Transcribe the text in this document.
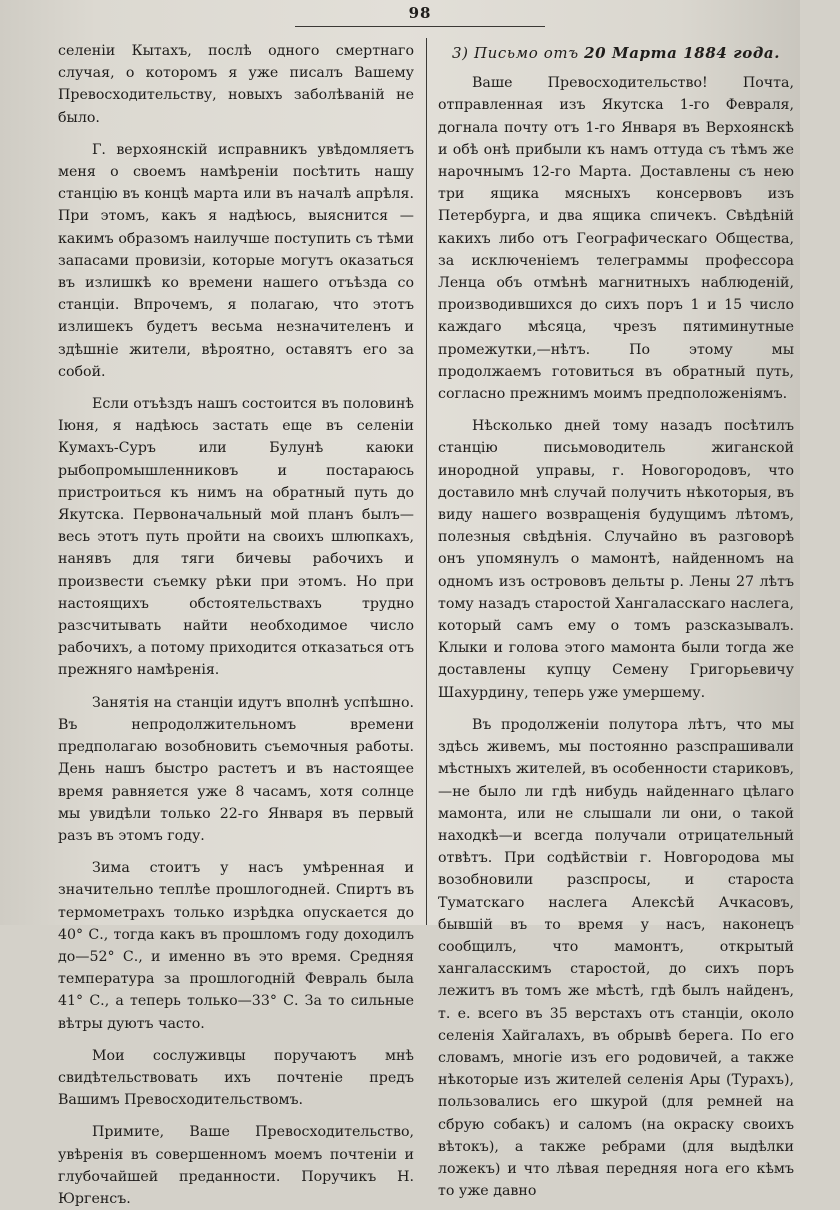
98

селенiи Кытахъ, послѣ одного смертнаго случая, о которомъ я уже писалъ Вашему Превосходительству, новыхъ заболѣванiй не было.

Г. верхоянскiй исправникъ увѣдомляетъ меня о своемъ намѣренiи посѣтить нашу станцiю въ концѣ марта или въ началѣ апрѣля. При этомъ, какъ я надѣюсь, выяснится — какимъ образомъ наилучше поступить съ тѣми запасами провизiи, которые могутъ оказаться въ излишкѣ ко времени нашего отъѣзда со станцiи. Впрочемъ, я полагаю, что этотъ излишекъ будетъ весьма незначителенъ и здѣшнiе жители, вѣроятно, оставятъ его за собой.

Если отъѣздъ нашъ состоится въ половинѣ Iюня, я надѣюсь застать еще въ селенiи Кумахъ-Суръ или Булунѣ каюки рыбопромышленниковъ и постараюсь пристроиться къ нимъ на обратный путь до Якутска. Первоначальный мой планъ былъ—весь этотъ путь пройти на своихъ шлюпкахъ, нанявъ для тяги бичевы рабочихъ и произвести съемку рѣки при этомъ. Но при настоящихъ обстоятельствахъ трудно разсчитывать найти необходимое число рабочихъ, а потому приходится отказаться отъ прежняго намѣренiя.

Занятiя на станцiи идутъ вполнѣ успѣшно. Въ непродолжительномъ времени предполагаю возобновить съемочныя работы. День нашъ быстро растетъ и въ настоящее время равняется уже 8 часамъ, хотя солнце мы увидѣли только 22-го Января въ первый разъ въ этомъ году.

Зима стоитъ у насъ умѣренная и значительно теплѣе прошлогодней. Спиртъ въ термометрахъ только изрѣдка опускается до 40° С., тогда какъ въ прошломъ году доходилъ до—52° С., и именно въ это время. Средняя температура за прошлогоднiй Февраль была 41° С., а теперь только—33° С. За то сильные вѣтры дуютъ часто.

Мои сослуживцы поручаютъ мнѣ свидѣтельствовать ихъ почтенiе предъ Вашимъ Превосходительствомъ.

Примите, Ваше Превосходительство, увѣренiя въ совершенномъ моемъ почтенiи и глубочайшей преданности. Поручикъ Н. Юргенсъ.

3) Письмо отъ 20 Марта 1884 года.

Ваше Превосходительство! Почта, отправленная изъ Якутска 1-го Февраля, догнала почту отъ 1-го Января въ Верхоянскѣ и обѣ онѣ прибыли къ намъ оттуда съ тѣмъ же нарочнымъ 12-го Марта. Доставлены съ нею три ящика мясныхъ консервовъ изъ Петербурга, и два ящика спичекъ. Свѣдѣнiй какихъ либо отъ Географическаго Общества, за исключенiемъ телеграммы профессора Ленца объ отмѣнѣ магнитныхъ наблюденiй, производившихся до сихъ поръ 1 и 15 число каждаго мѣсяца, чрезъ пятиминутные промежутки,—нѣтъ. По этому мы продолжаемъ готовиться въ обратный путь, согласно прежнимъ моимъ предположенiямъ.

Нѣсколько дней тому назадъ посѣтилъ станцiю письмоводитель жиганской инородной управы, г. Новогородовъ, что доставило мнѣ случай получить нѣкоторыя, въ виду нашего возвращенiя будущимъ лѣтомъ, полезныя свѣдѣнiя. Случайно въ разговорѣ онъ упомянулъ о мамонтѣ, найденномъ на одномъ изъ острововъ дельты р. Лены 27 лѣтъ тому назадъ старостой Хангаласскаго наслега, который самъ ему о томъ разсказывалъ. Клыки и голова этого мамонта были тогда же доставлены купцу Семену Григорьевичу Шахурдину, теперь уже умершему.

Въ продолженiи полутора лѣтъ, что мы здѣсь живемъ, мы постоянно разспрашивали мѣстныхъ жителей, въ особенности стариковъ,—не было ли гдѣ нибудь найденнаго цѣлаго мамонта, или не слышали ли они, о такой находкѣ—и всегда получали отрицательный отвѣтъ. При содѣйствiи г. Новгородова мы возобновили разспросы, и староста Туматскаго наслега Алексѣй Ачкасовъ, бывшiй въ то время у насъ, наконецъ сообщилъ, что мамонтъ, открытый хангаласскимъ старостой, до сихъ поръ лежитъ въ томъ же мѣстѣ, гдѣ былъ найденъ, т. е. всего въ 35 верстахъ отъ станцiи, около селенiя Хайгалахъ, въ обрывѣ берега. По его словамъ, многiе изъ его родовичей, а также нѣкоторые изъ жителей селенiя Ары (Турахъ), пользовались его шкурой (для ремней на сбрую собакъ) и саломъ (на окраску своихъ вѣтокъ), а также ребрами (для выдѣлки ложекъ) и что лѣвая передняя нога его кѣмъ то уже давно
